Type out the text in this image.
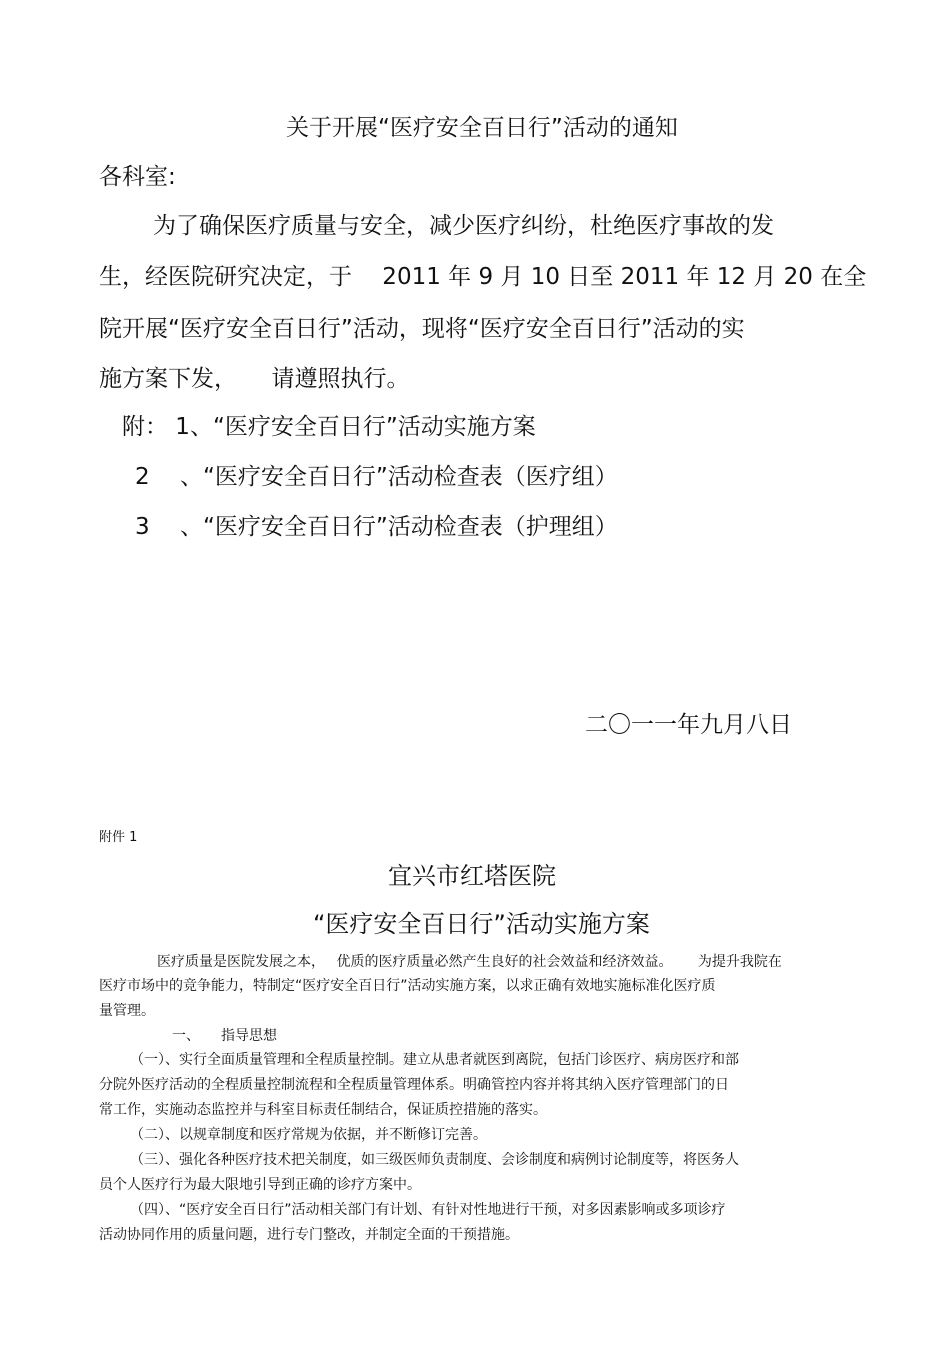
关于开展“医疗安全百日行”活动的通知
各科室:
为了确保医疗质量与安全，减少医疗纠纷，杜绝医疗事故的发
生，经医院研究决定，于　 2011 年 9 月 10 日至 2011 年 12 月 20 在全
院开展“医疗安全百日行”活动，现将“医疗安全百日行”活动的实
施方案下发，　　请遵照执行。
附： 1、“医疗安全百日行”活动实施方案
2　 、“医疗安全百日行”活动检查表（医疗组）
3　 、“医疗安全百日行”活动检查表（护理组）
二〇一一年九月八日
附件 1
宜兴市红塔医院
“医疗安全百日行”活动实施方案
医疗质量是医院发展之本，　 优质的医疗质量必然产生良好的社会效益和经济效益。　　 为提升我院在
医疗市场中的竞争能力，特制定“医疗安全百日行”活动实施方案，以求正确有效地实施标准化医疗质
量管理。
一、　　指导思想
（一）、实行全面质量管理和全程质量控制。建立从患者就医到离院，包括门诊医疗、病房医疗和部
分院外医疗活动的全程质量控制流程和全程质量管理体系。明确管控内容并将其纳入医疗管理部门的日
常工作，实施动态监控并与科室目标责任制结合，保证质控措施的落实。
（二）、以规章制度和医疗常规为依据，并不断修订完善。
（三）、强化各种医疗技术把关制度，如三级医师负责制度、会诊制度和病例讨论制度等，将医务人
员个人医疗行为最大限地引导到正确的诊疗方案中。
（四）、“医疗安全百日行”活动相关部门有计划、有针对性地进行干预，对多因素影响或多项诊疗
活动协同作用的质量问题，进行专门整改，并制定全面的干预措施。
